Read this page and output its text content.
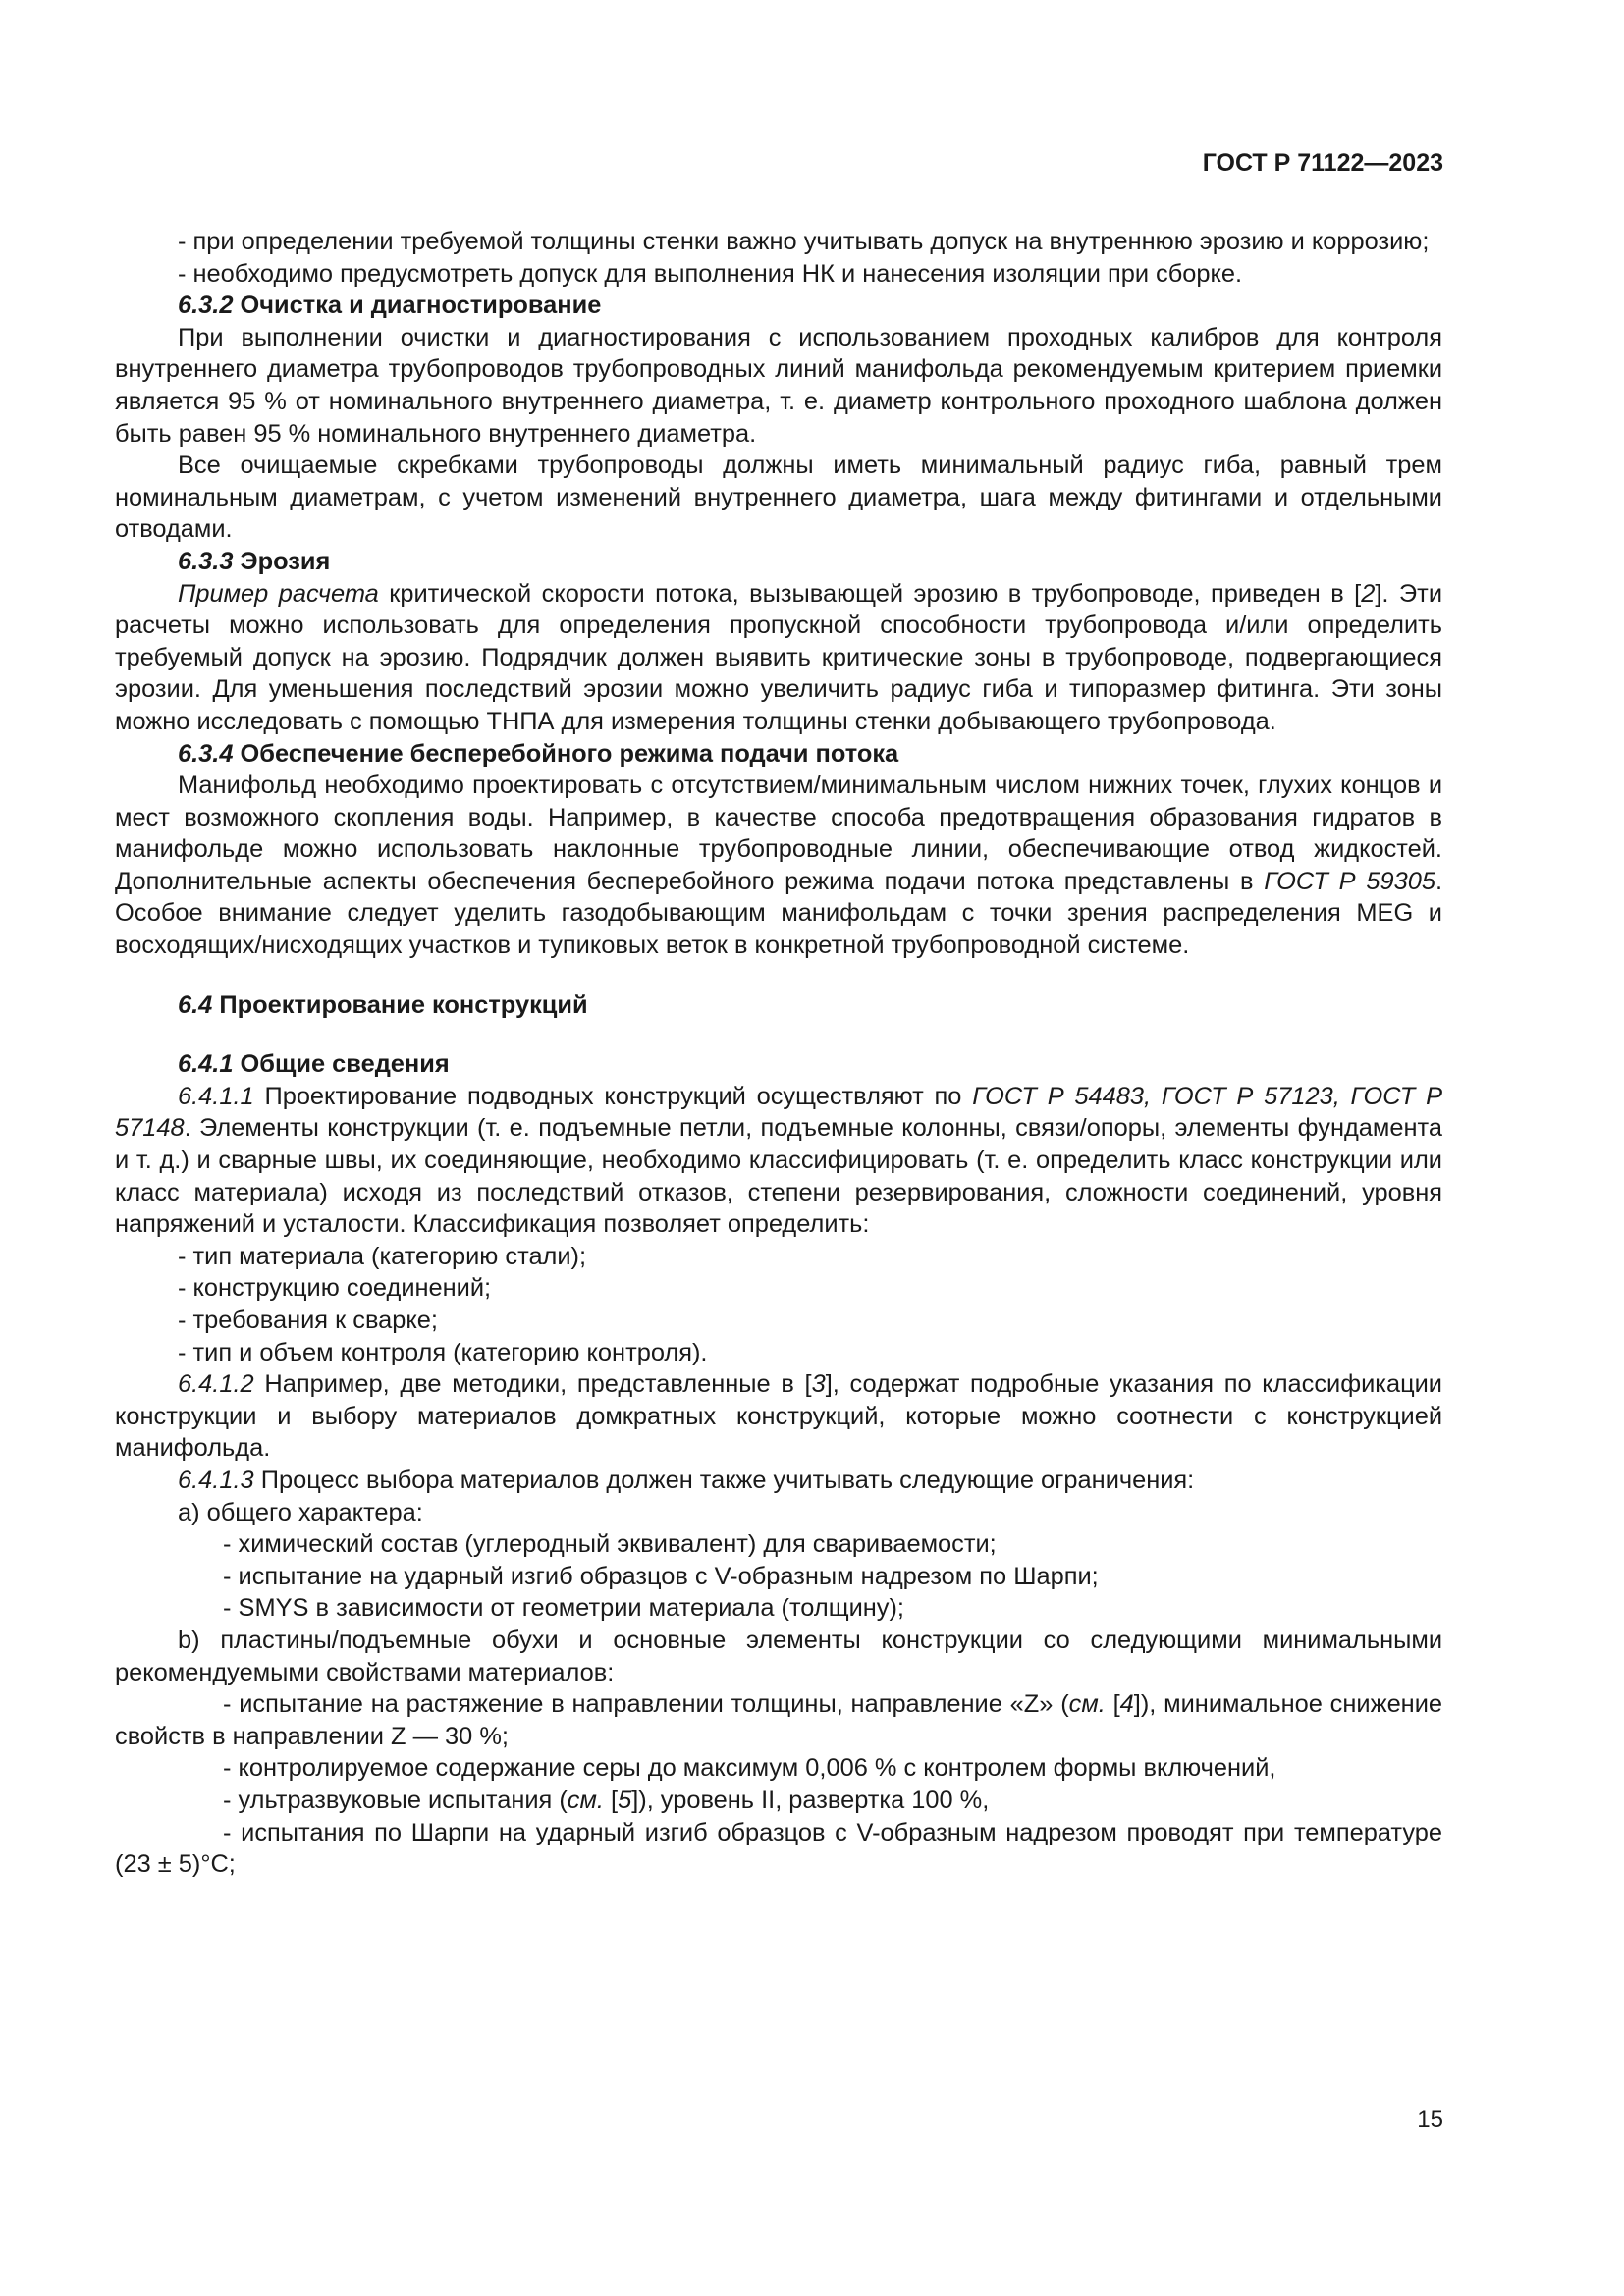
ГОСТ Р 71122—2023

- при определении требуемой толщины стенки важно учитывать допуск на внутреннюю эрозию и коррозию;

- необходимо предусмотреть допуск для выполнения НК и нанесения изоляции при сборке.

6.3.2 Очистка и диагностирование

При выполнении очистки и диагностирования с использованием проходных калибров для контроля внутреннего диаметра трубопроводов трубопроводных линий манифольда рекомендуемым критерием приемки является 95 % от номинального внутреннего диаметра, т. е. диаметр контрольного проходного шаблона должен быть равен 95 % номинального внутреннего диаметра.

Все очищаемые скребками трубопроводы должны иметь минимальный радиус гиба, равный трем номинальным диаметрам, с учетом изменений внутреннего диаметра, шага между фитингами и отдельными отводами.

6.3.3 Эрозия

Пример расчета критической скорости потока, вызывающей эрозию в трубопроводе, приведен в [2]. Эти расчеты можно использовать для определения пропускной способности трубопровода и/или определить требуемый допуск на эрозию. Подрядчик должен выявить критические зоны в трубопроводе, подвергающиеся эрозии. Для уменьшения последствий эрозии можно увеличить радиус гиба и типоразмер фитинга. Эти зоны можно исследовать с помощью ТНПА для измерения толщины стенки добывающего трубопровода.

6.3.4 Обеспечение бесперебойного режима подачи потока

Манифольд необходимо проектировать с отсутствием/минимальным числом нижних точек, глухих концов и мест возможного скопления воды. Например, в качестве способа предотвращения образования гидратов в манифольде можно использовать наклонные трубопроводные линии, обеспечивающие отвод жидкостей. Дополнительные аспекты обеспечения бесперебойного режима подачи потока представлены в ГОСТ Р 59305. Особое внимание следует уделить газодобывающим манифольдам с точки зрения распределения MEG и восходящих/нисходящих участков и тупиковых веток в конкретной трубопроводной системе.

6.4 Проектирование конструкций

6.4.1 Общие сведения

6.4.1.1 Проектирование подводных конструкций осуществляют по ГОСТ Р 54483, ГОСТ Р 57123, ГОСТ Р 57148. Элементы конструкции (т. е. подъемные петли, подъемные колонны, связи/опоры, элементы фундамента и т. д.) и сварные швы, их соединяющие, необходимо классифицировать (т. е. определить класс конструкции или класс материала) исходя из последствий отказов, степени резервирования, сложности соединений, уровня напряжений и усталости. Классификация позволяет определить:

- тип материала (категорию стали);

- конструкцию соединений;

- требования к сварке;

- тип и объем контроля (категорию контроля).

6.4.1.2 Например, две методики, представленные в [3], содержат подробные указания по классификации конструкции и выбору материалов домкратных конструкций, которые можно соотнести с конструкцией манифольда.

6.4.1.3 Процесс выбора материалов должен также учитывать следующие ограничения:

а) общего характера:

- химический состав (углеродный эквивалент) для свариваемости;

- испытание на ударный изгиб образцов с V-образным надрезом по Шарпи;

- SMYS в зависимости от геометрии материала (толщину);

b) пластины/подъемные обухи и основные элементы конструкции со следующими минимальными рекомендуемыми свойствами материалов:

- испытание на растяжение в направлении толщины, направление «Z» (см. [4]), минимальное снижение свойств в направлении Z — 30 %;

- контролируемое содержание серы до максимум 0,006 % с контролем формы включений,

- ультразвуковые испытания (см. [5]), уровень II, развертка 100 %,

- испытания по Шарпи на ударный изгиб образцов с V-образным надрезом проводят при температуре (23 ± 5)°С;

15
